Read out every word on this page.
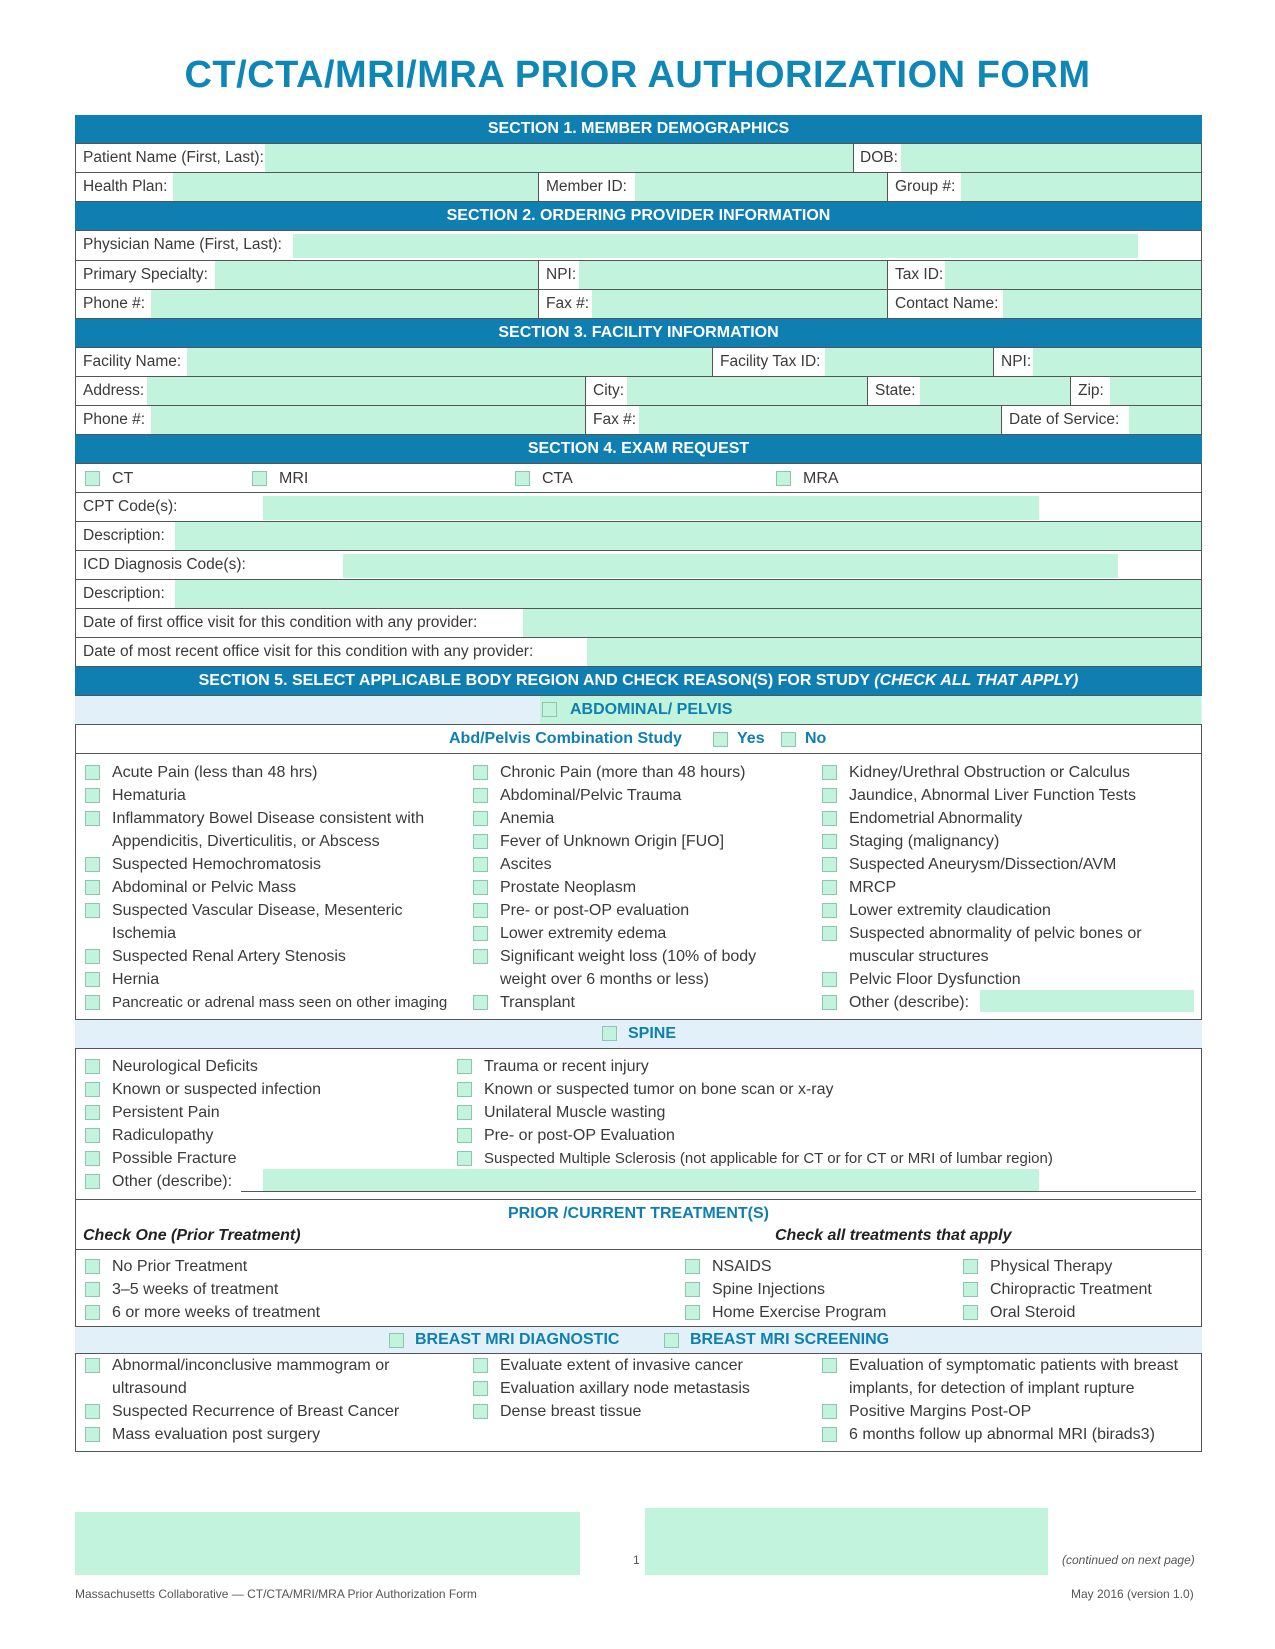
CT/CTA/MRI/MRA PRIOR AUTHORIZATION FORM
SECTION 1. MEMBER DEMOGRAPHICS
Patient Name (First, Last):	DOB:
Health Plan:	Member ID:	Group #:
SECTION 2. ORDERING PROVIDER INFORMATION
Physician Name (First, Last):
Primary Specialty:	NPI:	Tax ID:
Phone #:	Fax #:	Contact Name:
SECTION 3. FACILITY INFORMATION
Facility Name:	Facility Tax ID:	NPI:
Address:	City:	State:	Zip:
Phone #:	Fax #:	Date of Service:
SECTION 4. EXAM REQUEST
CT	MRI	CTA	MRA
CPT Code(s):
Description:
ICD Diagnosis Code(s):
Description:
Date of first office visit for this condition with any provider:
Date of most recent office visit for this condition with any provider:
SECTION 5. SELECT APPLICABLE BODY REGION AND CHECK REASON(S) FOR STUDY (CHECK ALL THAT APPLY)
ABDOMINAL/ PELVIS
Abd/Pelvis Combination Study	Yes	No
Acute Pain (less than 48 hrs)
Hematuria
Inflammatory Bowel Disease consistent with
Appendicitis, Diverticulitis, or Abscess
Suspected Hemochromatosis
Abdominal or Pelvic Mass
Suspected Vascular Disease, Mesenteric
Ischemia
Suspected Renal Artery Stenosis
Hernia
Pancreatic or adrenal mass seen on other imaging
Chronic Pain (more than 48 hours)
Abdominal/Pelvic Trauma
Anemia
Fever of Unknown Origin [FUO]
Ascites
Prostate Neoplasm
Pre- or post-OP evaluation
Lower extremity edema
Significant weight loss (10% of body
weight over 6 months or less)
Transplant
Kidney/Urethral Obstruction or Calculus
Jaundice, Abnormal Liver Function Tests
Endometrial Abnormality
Staging (malignancy)
Suspected Aneurysm/Dissection/AVM
MRCP
Lower extremity claudication
Suspected abnormality of pelvic bones or
muscular structures
Pelvic Floor Dysfunction
Other (describe):
SPINE
Neurological Deficits
Known or suspected infection
Persistent Pain
Radiculopathy
Possible Fracture
Other (describe):
Trauma or recent injury
Known or suspected tumor on bone scan or x-ray
Unilateral Muscle wasting
Pre- or post-OP Evaluation
Suspected Multiple Sclerosis (not applicable for CT or for CT or MRI of lumbar region)
PRIOR /CURRENT TREATMENT(S)
Check One (Prior Treatment)	Check all treatments that apply
No Prior Treatment
3–5 weeks of treatment
6 or more weeks of treatment
NSAIDS
Spine Injections
Home Exercise Program
Physical Therapy
Chiropractic Treatment
Oral Steroid
BREAST MRI DIAGNOSTIC	BREAST MRI SCREENING
Abnormal/inconclusive mammogram or
ultrasound
Suspected Recurrence of Breast Cancer
Mass evaluation post surgery
Evaluate extent of invasive cancer
Evaluation axillary node metastasis
Dense breast tissue
Evaluation of symptomatic patients with breast
implants, for detection of implant rupture
Positive Margins Post-OP
6 months follow up abnormal MRI (birads3)
1	(continued on next page)
Massachusetts Collaborative — CT/CTA/MRI/MRA Prior Authorization Form	May 2016 (version 1.0)
